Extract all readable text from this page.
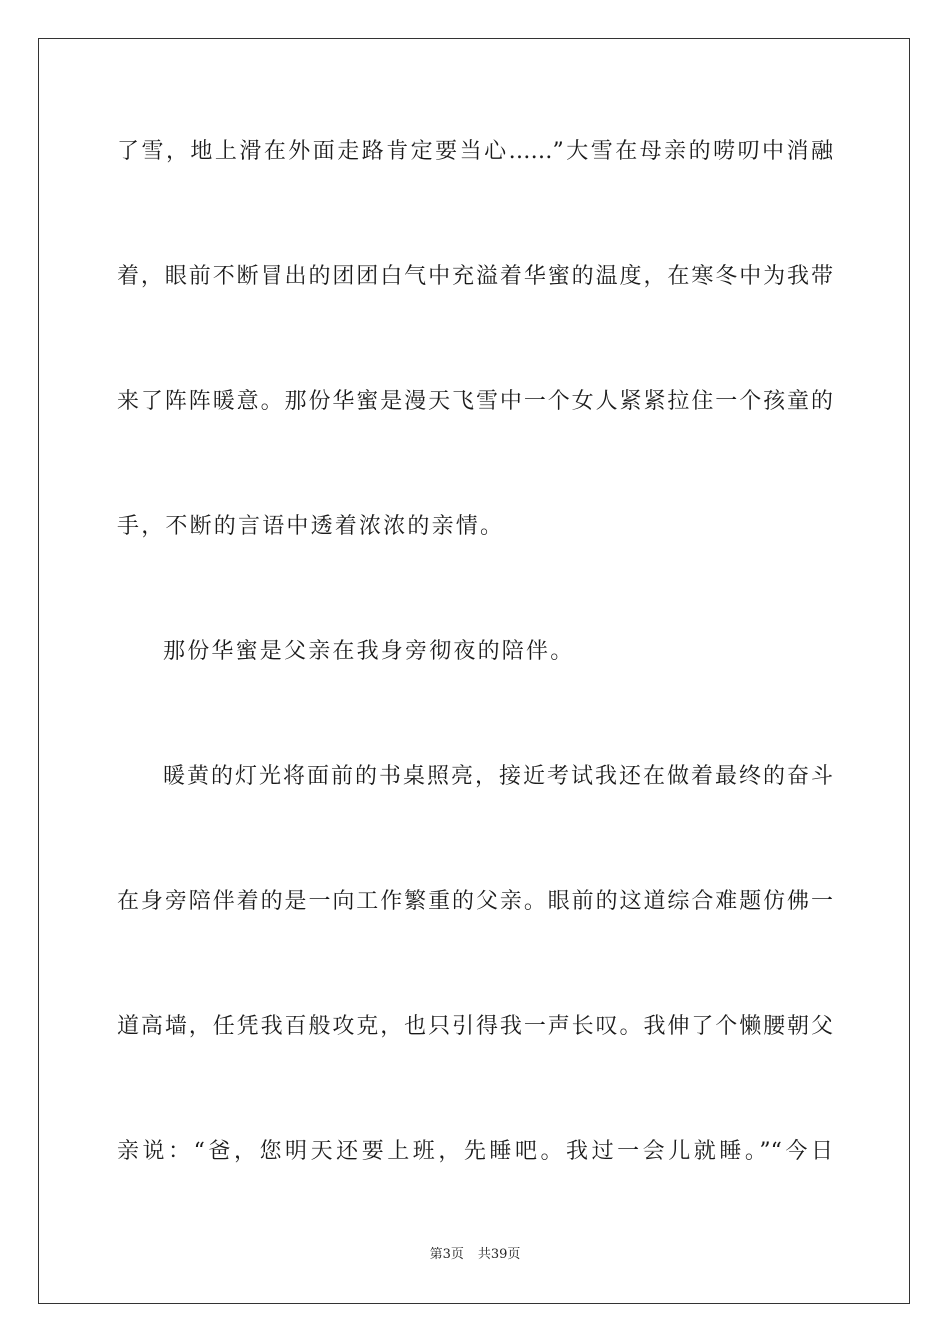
了雪，地上滑在外面走路肯定要当心……”大雪在母亲的唠叨中消融
着，眼前不断冒出的团团白气中充溢着华蜜的温度，在寒冬中为我带
来了阵阵暖意。那份华蜜是漫天飞雪中一个女人紧紧拉住一个孩童的
手，不断的言语中透着浓浓的亲情。
那份华蜜是父亲在我身旁彻夜的陪伴。
暖黄的灯光将面前的书桌照亮，接近考试我还在做着最终的奋斗
在身旁陪伴着的是一向工作繁重的父亲。眼前的这道综合难题仿佛一
道高墙，任凭我百般攻克，也只引得我一声长叹。我伸了个懒腰朝父
亲说：“爸，您明天还要上班，先睡吧。我过一会儿就睡。”“今日
第3页 共39页
